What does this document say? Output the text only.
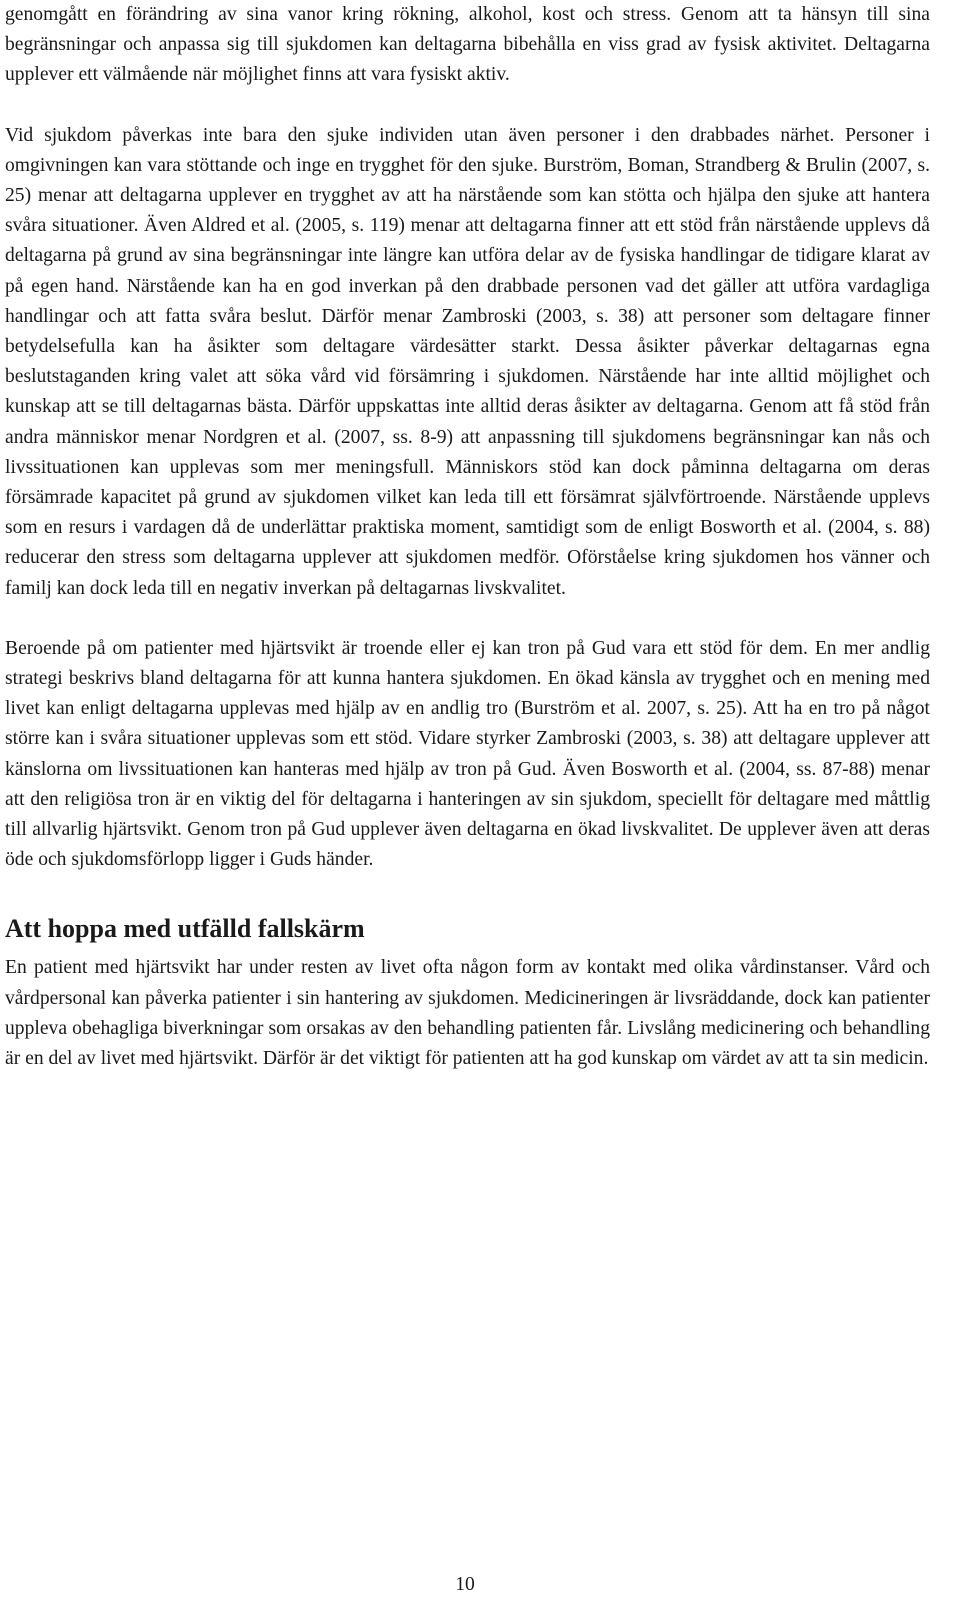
genomgått en förändring av sina vanor kring rökning, alkohol, kost och stress. Genom att ta hänsyn till sina begränsningar och anpassa sig till sjukdomen kan deltagarna bibehålla en viss grad av fysisk aktivitet. Deltagarna upplever ett välmående när möjlighet finns att vara fysiskt aktiv.

Vid sjukdom påverkas inte bara den sjuke individen utan även personer i den drabbades närhet. Personer i omgivningen kan vara stöttande och inge en trygghet för den sjuke. Burström, Boman, Strandberg & Brulin (2007, s. 25) menar att deltagarna upplever en trygghet av att ha närstående som kan stötta och hjälpa den sjuke att hantera svåra situationer. Även Aldred et al. (2005, s. 119) menar att deltagarna finner att ett stöd från närstående upplevs då deltagarna på grund av sina begränsningar inte längre kan utföra delar av de fysiska handlingar de tidigare klarat av på egen hand. Närstående kan ha en god inverkan på den drabbade personen vad det gäller att utföra vardagliga handlingar och att fatta svåra beslut. Därför menar Zambroski (2003, s. 38) att personer som deltagare finner betydelsefulla kan ha åsikter som deltagare värdesätter starkt. Dessa åsikter påverkar deltagarnas egna beslutstaganden kring valet att söka vård vid försämring i sjukdomen. Närstående har inte alltid möjlighet och kunskap att se till deltagarnas bästa. Därför uppskattas inte alltid deras åsikter av deltagarna. Genom att få stöd från andra människor menar Nordgren et al. (2007, ss. 8-9) att anpassning till sjukdomens begränsningar kan nås och livssituationen kan upplevas som mer meningsfull. Människors stöd kan dock påminna deltagarna om deras försämrade kapacitet på grund av sjukdomen vilket kan leda till ett försämrat självförtroende. Närstående upplevs som en resurs i vardagen då de underlättar praktiska moment, samtidigt som de enligt Bosworth et al. (2004, s. 88) reducerar den stress som deltagarna upplever att sjukdomen medför. Oförståelse kring sjukdomen hos vänner och familj kan dock leda till en negativ inverkan på deltagarnas livskvalitet.

Beroende på om patienter med hjärtsvikt är troende eller ej kan tron på Gud vara ett stöd för dem. En mer andlig strategi beskrivs bland deltagarna för att kunna hantera sjukdomen. En ökad känsla av trygghet och en mening med livet kan enligt deltagarna upplevas med hjälp av en andlig tro (Burström et al. 2007, s. 25). Att ha en tro på något större kan i svåra situationer upplevas som ett stöd. Vidare styrker Zambroski (2003, s. 38) att deltagare upplever att känslorna om livssituationen kan hanteras med hjälp av tron på Gud. Även Bosworth et al. (2004, ss. 87-88) menar att den religiösa tron är en viktig del för deltagarna i hanteringen av sin sjukdom, speciellt för deltagare med måttlig till allvarlig hjärtsvikt. Genom tron på Gud upplever även deltagarna en ökad livskvalitet. De upplever även att deras öde och sjukdomsförlopp ligger i Guds händer.

Att hoppa med utfälld fallskärm

En patient med hjärtsvikt har under resten av livet ofta någon form av kontakt med olika vårdinstanser. Vård och vårdpersonal kan påverka patienter i sin hantering av sjukdomen. Medicineringen är livsräddande, dock kan patienter uppleva obehagliga biverkningar som orsakas av den behandling patienten får. Livslång medicinering och behandling är en del av livet med hjärtsvikt. Därför är det viktigt för patienten att ha god kunskap om värdet av att ta sin medicin.

10
